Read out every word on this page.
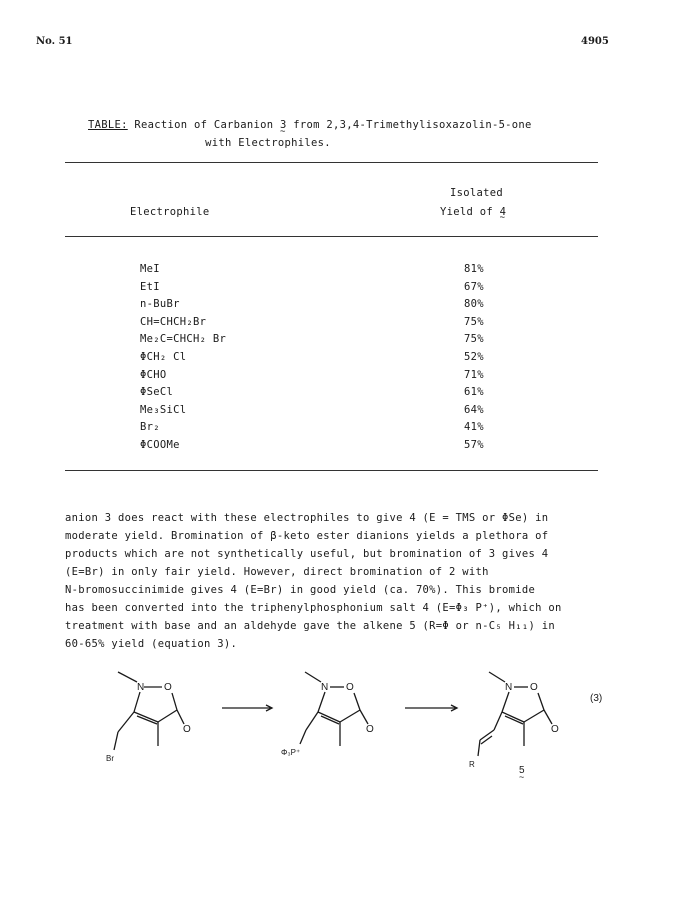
No. 51	4905
TABLE: Reaction of Carbanion 3 ~ from 2,3,4-Trimethylisoxazolin-5-one
with Electrophiles.
Electrophile
Isolated
Yield of 4 ~
MeI	81%
EtI	67%
n-BuBr	80%
CH=CHCH₂Br	75%
Me₂C=CHCH₂ Br	75%
ΦCH₂ Cl	52%
ΦCHO	71%
ΦSeCl	61%
Me₃SiCl	64%
Br₂	41%
ΦCOOMe	57%

anion 3 does react with these electrophiles to give 4 (E = TMS or ΦSe) in

moderate yield. Bromination of β-keto ester dianions yields a plethora of

products which are not synthetically useful, but bromination of 3 gives 4

(E=Br) in only fair yield. However, direct bromination of 2 with

N-bromosuccinimide gives 4 (E=Br) in good yield (ca. 70%). This bromide

has been converted into the triphenylphosphonium salt 4 (E=Φ₃ P⁺), which on

treatment with base and an aldehyde gave the alkene 5 (R=Φ or n-C₅ H₁₁) in

60-65% yield (equation 3).

N O
O
Br
N O
O
Φ₃P⁺
N O
O
R
(3)
5 ~
